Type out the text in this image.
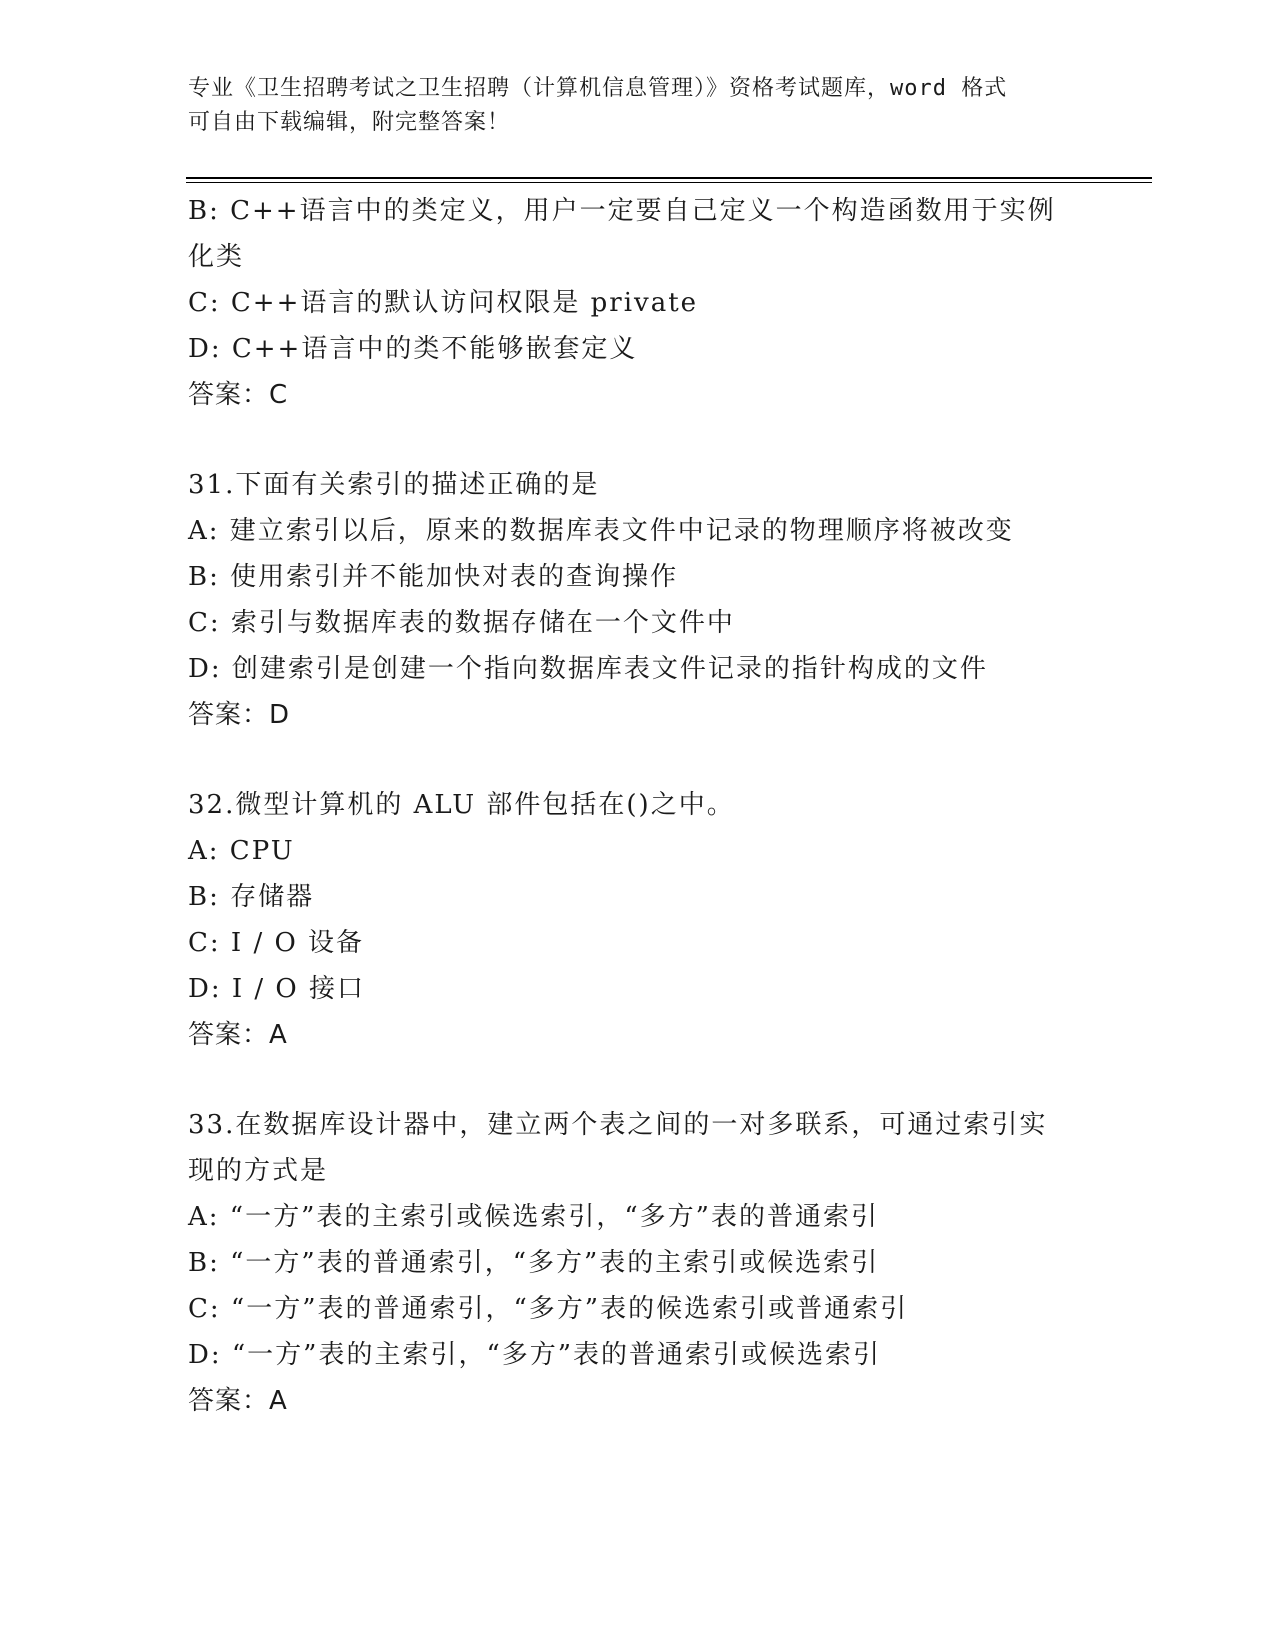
专业《卫生招聘考试之卫生招聘（计算机信息管理）》资格考试题库，word 格式
可自由下载编辑，附完整答案！
B: C++语言中的类定义，用户一定要自己定义一个构造函数用于实例
化类
C: C++语言的默认访问权限是 private
D: C++语言中的类不能够嵌套定义
答案：C
31.下面有关索引的描述正确的是
A: 建立索引以后，原来的数据库表文件中记录的物理顺序将被改变
B: 使用索引并不能加快对表的查询操作
C: 索引与数据库表的数据存储在一个文件中
D: 创建索引是创建一个指向数据库表文件记录的指针构成的文件
答案：D
32.微型计算机的 ALU 部件包括在()之中。
A: CPU
B: 存储器
C: I / O 设备
D: I / O 接口
答案：A
33.在数据库设计器中，建立两个表之间的一对多联系，可通过索引实
现的方式是
A: “一方”表的主索引或候选索引，“多方”表的普通索引
B: “一方”表的普通索引，“多方”表的主索引或候选索引
C: “一方”表的普通索引，“多方”表的候选索引或普通索引
D: “一方”表的主索引，“多方”表的普通索引或候选索引
答案：A
